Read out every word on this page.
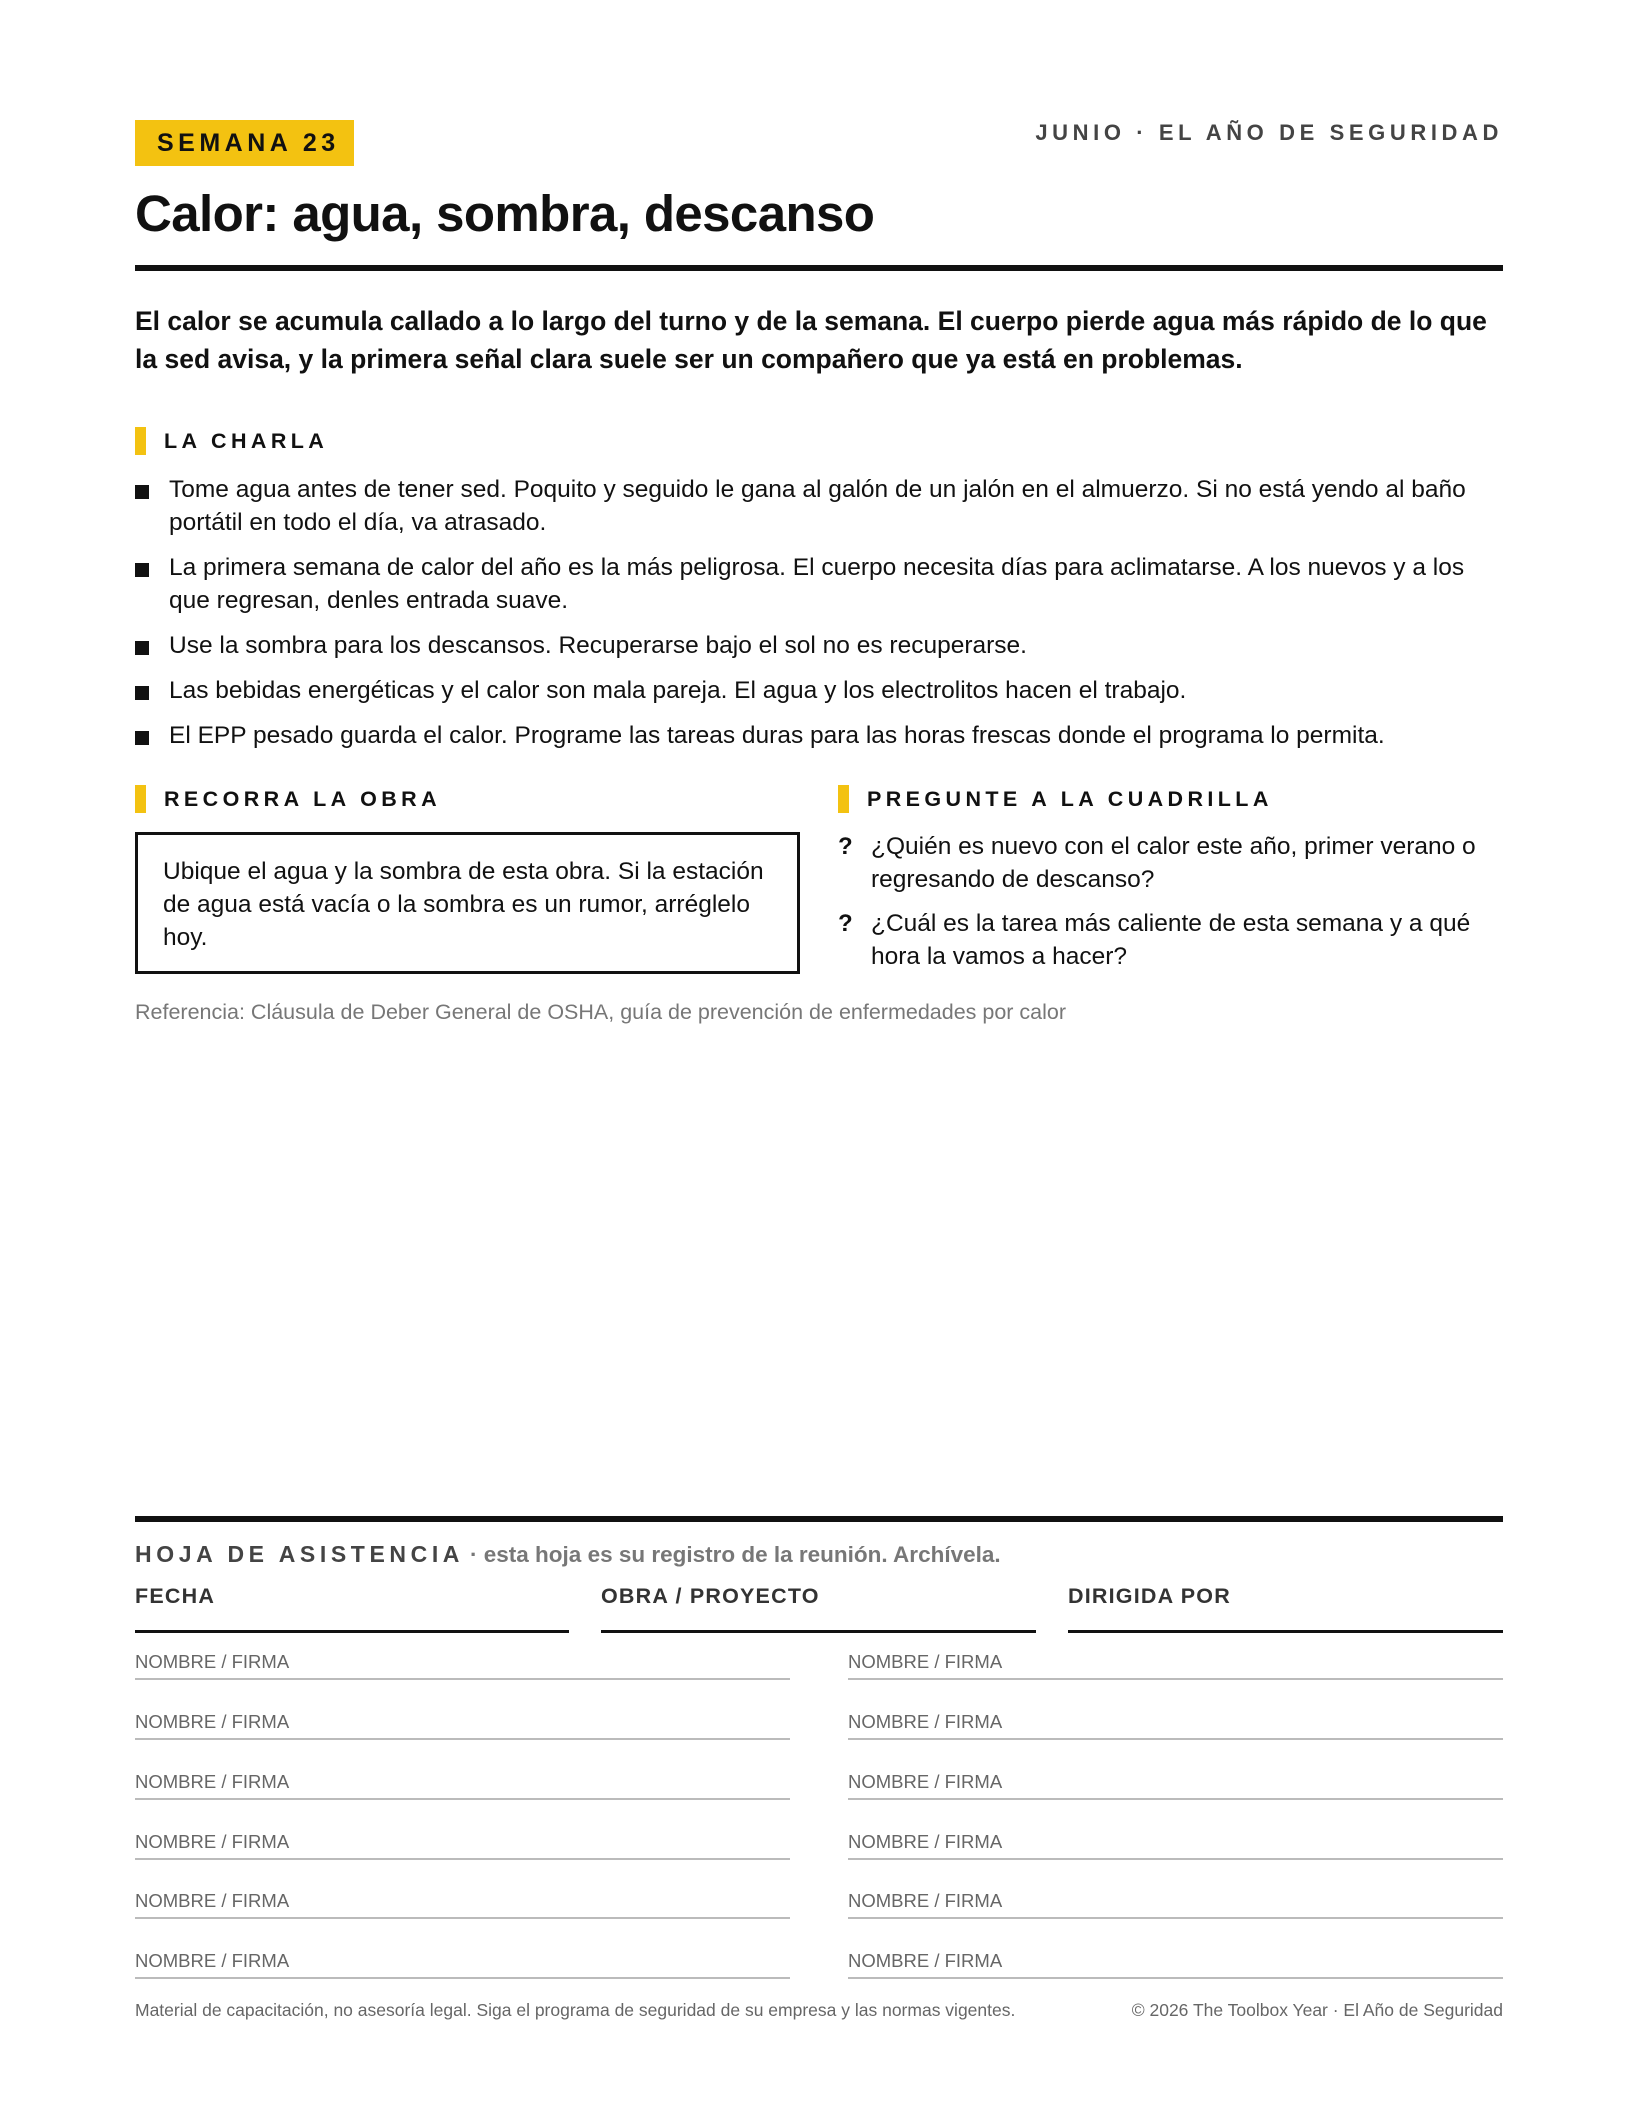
SEMANA 23	JUNIO · EL AÑO DE SEGURIDAD
Calor: agua, sombra, descanso

El calor se acumula callado a lo largo del turno y de la semana. El cuerpo pierde agua más rápido de lo que la sed avisa, y la primera señal clara suele ser un compañero que ya está en problemas.

LA CHARLA
Tome agua antes de tener sed. Poquito y seguido le gana al galón de un jalón en el almuerzo. Si no está yendo al baño portátil en todo el día, va atrasado.
La primera semana de calor del año es la más peligrosa. El cuerpo necesita días para aclimatarse. A los nuevos y a los que regresan, denles entrada suave.
Use la sombra para los descansos. Recuperarse bajo el sol no es recuperarse.
Las bebidas energéticas y el calor son mala pareja. El agua y los electrolitos hacen el trabajo.
El EPP pesado guarda el calor. Programe las tareas duras para las horas frescas donde el programa lo permita.
RECORRA LA OBRA
Ubique el agua y la sombra de esta obra. Si la estación de agua está vacía o la sombra es un rumor, arréglelo hoy.
PREGUNTE A LA CUADRILLA
? ¿Quién es nuevo con el calor este año, primer verano o regresando de descanso?
? ¿Cuál es la tarea más caliente de esta semana y a qué hora la vamos a hacer?
Referencia: Cláusula de Deber General de OSHA, guía de prevención de enfermedades por calor
HOJA DE ASISTENCIA · esta hoja es su registro de la reunión. Archívela.
FECHA	OBRA / PROYECTO	DIRIGIDA POR
NOMBRE / FIRMA
NOMBRE / FIRMA
NOMBRE / FIRMA
NOMBRE / FIRMA
NOMBRE / FIRMA
NOMBRE / FIRMA
NOMBRE / FIRMA
NOMBRE / FIRMA
NOMBRE / FIRMA
NOMBRE / FIRMA
NOMBRE / FIRMA
NOMBRE / FIRMA
Material de capacitación, no asesoría legal. Siga el programa de seguridad de su empresa y las normas vigentes.	© 2026 The Toolbox Year · El Año de Seguridad
